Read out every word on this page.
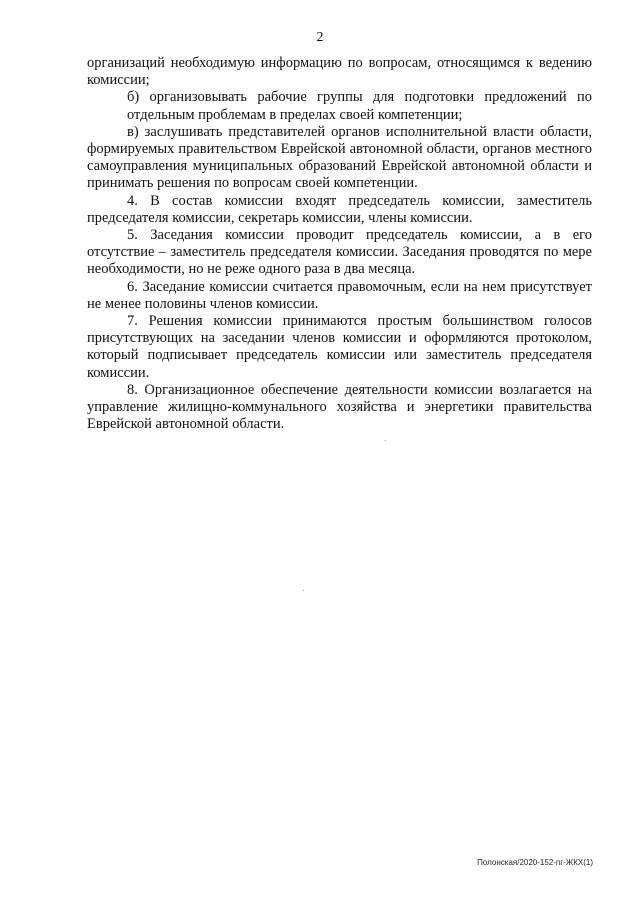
2

организаций необходимую информацию по вопросам, относящимся к ведению комиссии;

б) организовывать рабочие группы для подготовки предложений по отдельным проблемам в пределах своей компетенции;

в) заслушивать представителей органов исполнительной власти области, формируемых правительством Еврейской автономной области, органов местного самоуправления муниципальных образований Еврейской автономной области и принимать решения по вопросам своей компетенции.

4. В состав комиссии входят председатель комиссии, заместитель председателя комиссии, секретарь комиссии, члены комиссии.

5. Заседания комиссии проводит председатель комиссии, а в его отсутствие – заместитель председателя комиссии. Заседания проводятся по мере необходимости, но не реже одного раза в два месяца.

6. Заседание комиссии считается правомочным, если на нем присутствует не менее половины членов комиссии.

7. Решения комиссии принимаются простым большинством голосов присутствующих на заседании членов комиссии и оформляются протоколом, который подписывает председатель комиссии или заместитель председателя комиссии.

8. Организационное обеспечение деятельности комиссии возлагается на управление жилищно-коммунального хозяйства и энергетики правительства Еврейской автономной области.

Полонская/2020-152-пг-ЖКХ(1)
